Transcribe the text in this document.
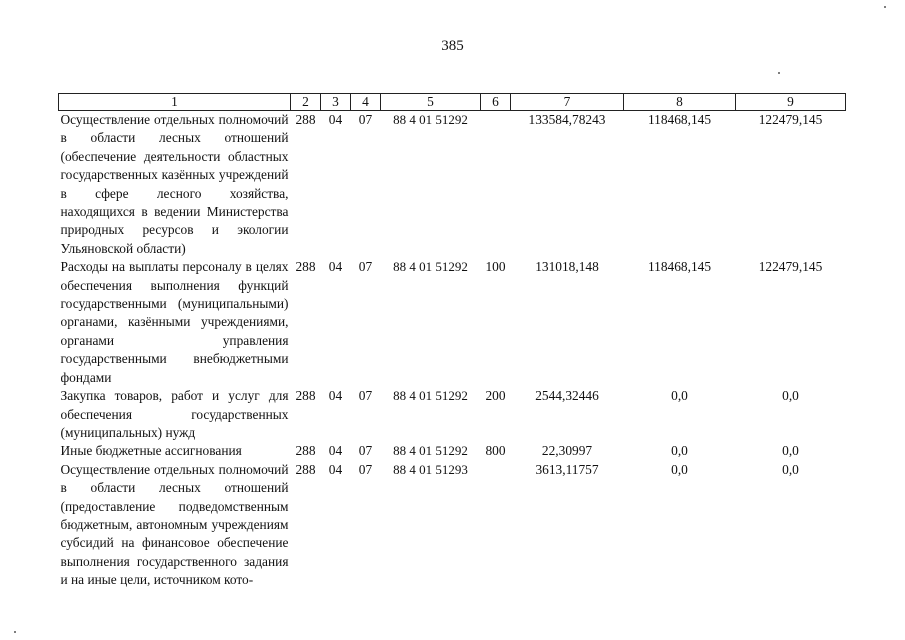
385
1	2	3	4	5	6	7	8	9
Осуществление отдельных полномочий в области лесных отношений (обеспечение деятельности областных государственных казённых учреждений в сфере лесного хозяйства, находящихся в ведении Министерства природных ресурсов и экологии Ульяновской области)	288	04	07	88 4 01 51292		133584,78243	118468,145	122479,145
Расходы на выплаты персоналу в целях обеспечения выполнения функций государственными (муниципальными) органами, казёнными учреждениями, органами управления государственными внебюджетными фондами	288	04	07	88 4 01 51292	100	131018,148	118468,145	122479,145
Закупка товаров, работ и услуг для обеспечения государственных (муниципальных) нужд	288	04	07	88 4 01 51292	200	2544,32446	0,0	0,0
Иные бюджетные ассигнования	288	04	07	88 4 01 51292	800	22,30997	0,0	0,0
Осуществление отдельных полномочий в области лесных отношений (предоставление подведомственным бюджетным, автономным учреждениям субсидий на финансовое обеспечение выполнения государственного задания и на иные цели, источником кото-	288	04	07	88 4 01 51293		3613,11757	0,0	0,0
